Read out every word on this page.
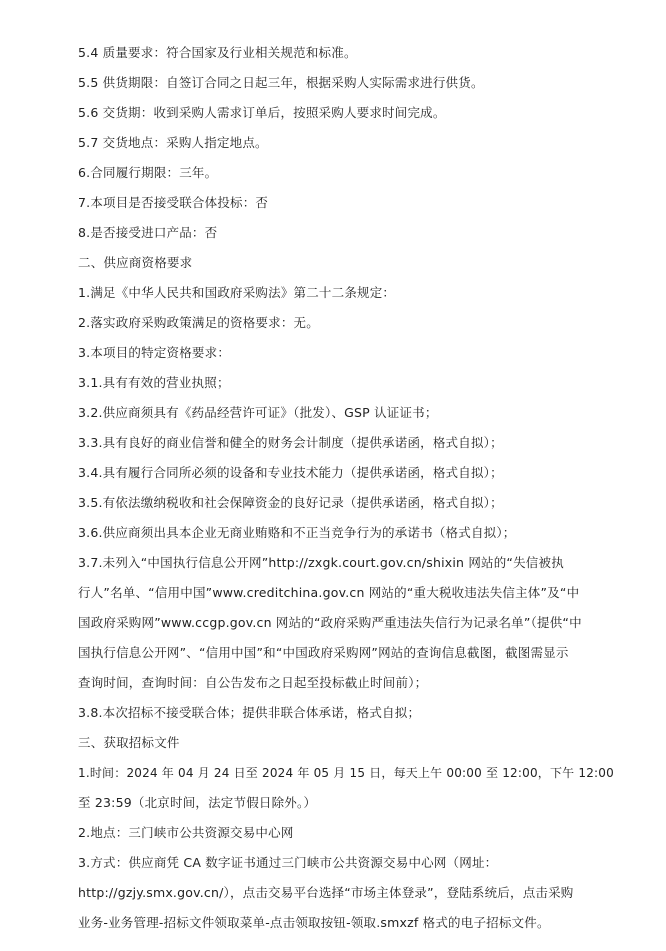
5.4 质量要求：符合国家及行业相关规范和标准。
5.5 供货期限：自签订合同之日起三年，根据采购人实际需求进行供货。
5.6 交货期：收到采购人需求订单后，按照采购人要求时间完成。
5.7 交货地点：采购人指定地点。
6.合同履行期限：三年。
7.本项目是否接受联合体投标：否
8.是否接受进口产品：否
二、供应商资格要求
1.满足《中华人民共和国政府采购法》第二十二条规定：
2.落实政府采购政策满足的资格要求：无。
3.本项目的特定资格要求：
3.1.具有有效的营业执照；
3.2.供应商须具有《药品经营许可证》（批发）、GSP 认证证书；
3.3.具有良好的商业信誉和健全的财务会计制度（提供承诺函，格式自拟）；
3.4.具有履行合同所必须的设备和专业技术能力（提供承诺函，格式自拟）；
3.5.有依法缴纳税收和社会保障资金的良好记录（提供承诺函，格式自拟）；
3.6.供应商须出具本企业无商业贿赂和不正当竞争行为的承诺书（格式自拟）；
3.7.未列入“中国执行信息公开网”http://zxgk.court.gov.cn/shixin 网站的“失信被执
行人”名单、“信用中国”www.creditchina.gov.cn 网站的“重大税收违法失信主体”及“中
国政府采购网”www.ccgp.gov.cn 网站的“政府采购严重违法失信行为记录名单”（提供“中
国执行信息公开网”、“信用中国”和“中国政府采购网”网站的查询信息截图，截图需显示
查询时间，查询时间：自公告发布之日起至投标截止时间前）；
3.8.本次招标不接受联合体；提供非联合体承诺，格式自拟；
三、获取招标文件
1.时间：2024 年 04 月 24 日至 2024 年 05 月 15 日，每天上午 00:00 至 12:00，下午 12:00
至 23:59（北京时间，法定节假日除外。）
2.地点：三门峡市公共资源交易中心网
3.方式：供应商凭 CA 数字证书通过三门峡市公共资源交易中心网（网址：
http://gzjy.smx.gov.cn/），点击交易平台选择“市场主体登录”，登陆系统后，点击采购
业务-业务管理-招标文件领取菜单-点击领取按钮-领取.smxzf 格式的电子招标文件。
